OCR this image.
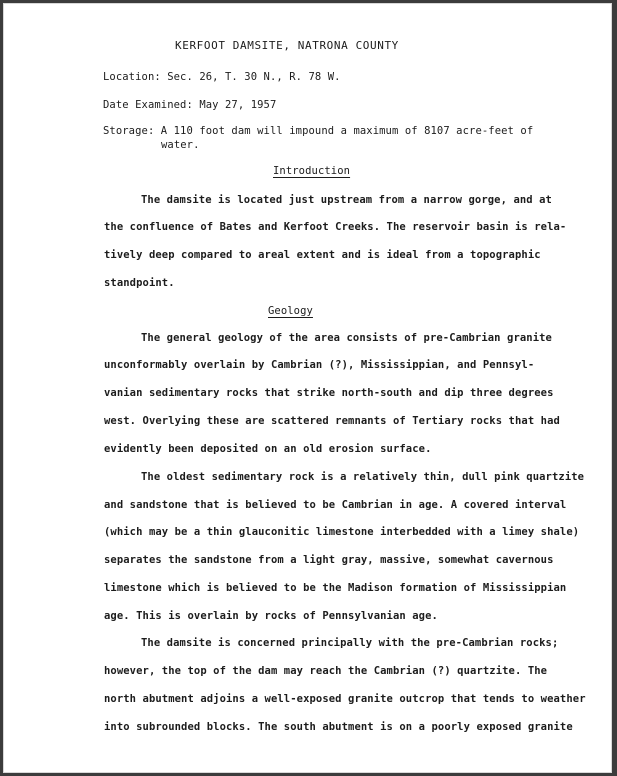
KERFOOT DAMSITE, NATRONA COUNTY
Location: Sec. 26, T. 30 N., R. 78 W.
Date Examined: May 27, 1957
Storage: A 110 foot dam will impound a maximum of 8107 acre-feet of
water.
Introduction
The damsite is located just upstream from a narrow gorge, and at
the confluence of Bates and Kerfoot Creeks. The reservoir basin is rela-
tively deep compared to areal extent and is ideal from a topographic
standpoint.
Geology
The general geology of the area consists of pre-Cambrian granite
unconformably overlain by Cambrian (?), Mississippian, and Pennsyl-
vanian sedimentary rocks that strike north-south and dip three degrees
west. Overlying these are scattered remnants of Tertiary rocks that had
evidently been deposited on an old erosion surface.
The oldest sedimentary rock is a relatively thin, dull pink quartzite
and sandstone that is believed to be Cambrian in age. A covered interval
(which may be a thin glauconitic limestone interbedded with a limey shale)
separates the sandstone from a light gray, massive, somewhat cavernous
limestone which is believed to be the Madison formation of Mississippian
age. This is overlain by rocks of Pennsylvanian age.
The damsite is concerned principally with the pre-Cambrian rocks;
however, the top of the dam may reach the Cambrian (?) quartzite. The
north abutment adjoins a well-exposed granite outcrop that tends to weather
into subrounded blocks. The south abutment is on a poorly exposed granite
